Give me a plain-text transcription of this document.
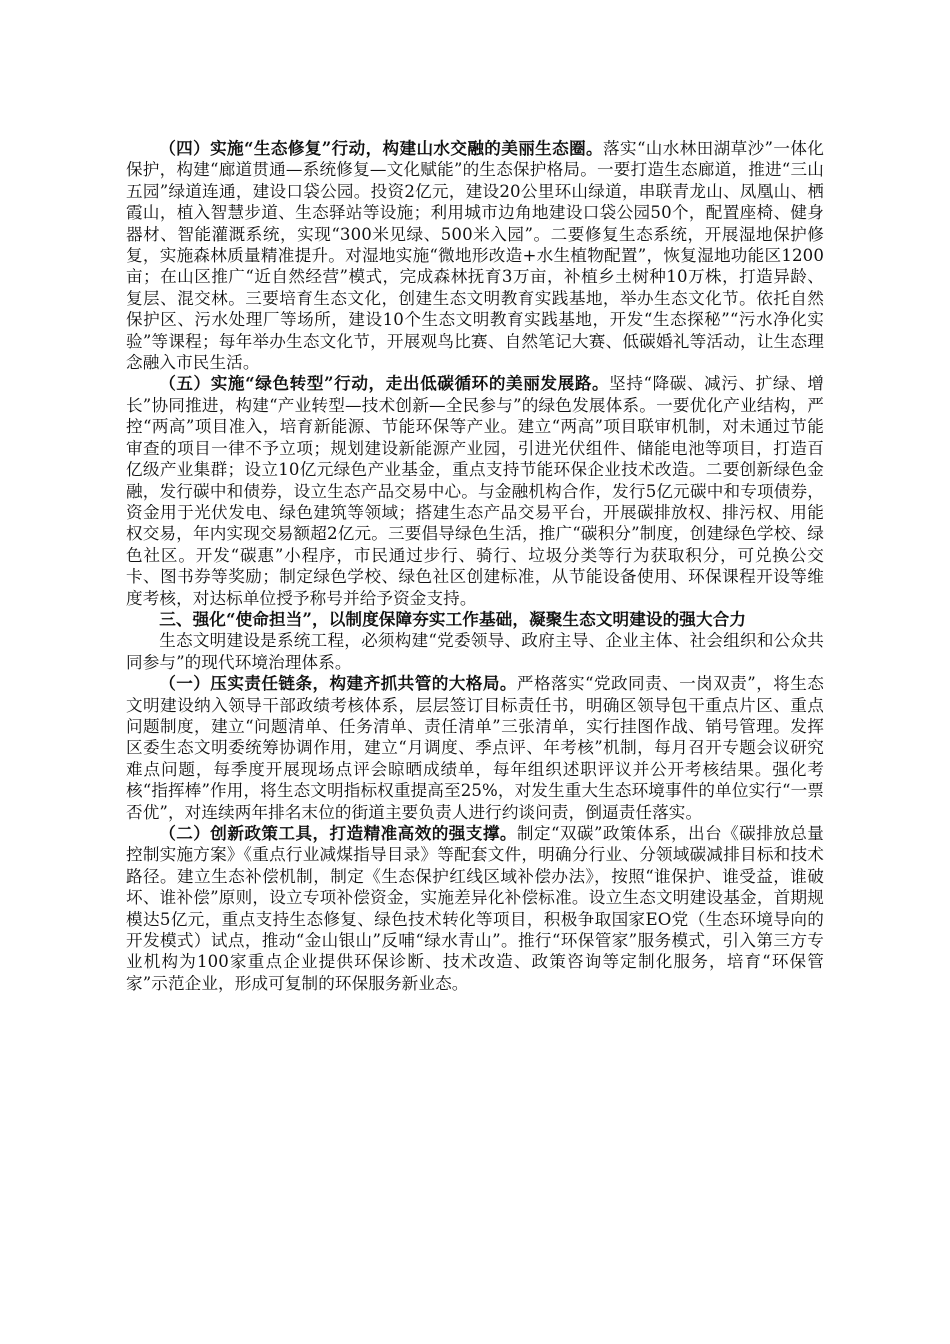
（四）实施“生态修复”行动，构建山水交融的美丽生态圈。落实“山水林田湖草沙”一体化保护，构建“廊道贯通—系统修复—文化赋能”的生态保护格局。一要打造生态廊道，推进“三山五园”绿道连通，建设口袋公园。投资2亿元，建设20公里环山绿道，串联青龙山、凤凰山、栖霞山，植入智慧步道、生态驿站等设施；利用城市边角地建设口袋公园50个，配置座椅、健身器材、智能灌溉系统，实现“300米见绿、500米入园”。二要修复生态系统，开展湿地保护修复，实施森林质量精准提升。对湿地实施“微地形改造+水生植物配置”，恢复湿地功能区1200亩；在山区推广“近自然经营”模式，完成森林抚育3万亩，补植乡土树种10万株，打造异龄、复层、混交林。三要培育生态文化，创建生态文明教育实践基地，举办生态文化节。依托自然保护区、污水处理厂等场所，建设10个生态文明教育实践基地，开发“生态探秘”“污水净化实验”等课程；每年举办生态文化节，开展观鸟比赛、自然笔记大赛、低碳婚礼等活动，让生态理念融入市民生活。

（五）实施“绿色转型”行动，走出低碳循环的美丽发展路。坚持“降碳、减污、扩绿、增长”协同推进，构建“产业转型—技术创新—全民参与”的绿色发展体系。一要优化产业结构，严控“两高”项目准入，培育新能源、节能环保等产业。建立“两高”项目联审机制，对未通过节能审查的项目一律不予立项；规划建设新能源产业园，引进光伏组件、储能电池等项目，打造百亿级产业集群；设立10亿元绿色产业基金，重点支持节能环保企业技术改造。二要创新绿色金融，发行碳中和债券，设立生态产品交易中心。与金融机构合作，发行5亿元碳中和专项债券，资金用于光伏发电、绿色建筑等领域；搭建生态产品交易平台，开展碳排放权、排污权、用能权交易，年内实现交易额超2亿元。三要倡导绿色生活，推广“碳积分”制度，创建绿色学校、绿色社区。开发“碳惠”小程序，市民通过步行、骑行、垃圾分类等行为获取积分，可兑换公交卡、图书券等奖励；制定绿色学校、绿色社区创建标准，从节能设备使用、环保课程开设等维度考核，对达标单位授予称号并给予资金支持。

三、强化“使命担当”，以制度保障夯实工作基础，凝聚生态文明建设的强大合力

生态文明建设是系统工程，必须构建“党委领导、政府主导、企业主体、社会组织和公众共同参与”的现代环境治理体系。

（一）压实责任链条，构建齐抓共管的大格局。严格落实“党政同责、一岗双责”，将生态文明建设纳入领导干部政绩考核体系，层层签订目标责任书，明确区领导包干重点片区、重点问题制度，建立“问题清单、任务清单、责任清单”三张清单，实行挂图作战、销号管理。发挥区委生态文明委统筹协调作用，建立“月调度、季点评、年考核”机制，每月召开专题会议研究难点问题，每季度开展现场点评会晾晒成绩单，每年组织述职评议并公开考核结果。强化考核“指挥棒”作用，将生态文明指标权重提高至25%，对发生重大生态环境事件的单位实行“一票否优”，对连续两年排名末位的街道主要负责人进行约谈问责，倒逼责任落实。

（二）创新政策工具，打造精准高效的强支撑。制定“双碳”政策体系，出台《碳排放总量控制实施方案》《重点行业减煤指导目录》等配套文件，明确分行业、分领域碳减排目标和技术路径。建立生态补偿机制，制定《生态保护红线区域补偿办法》，按照“谁保护、谁受益，谁破坏、谁补偿”原则，设立专项补偿资金，实施差异化补偿标准。设立生态文明建设基金，首期规模达5亿元，重点支持生态修复、绿色技术转化等项目，积极争取国家EO党（生态环境导向的开发模式）试点，推动“金山银山”反哺“绿水青山”。推行“环保管家”服务模式，引入第三方专业机构为100家重点企业提供环保诊断、技术改造、政策咨询等定制化服务，培育“环保管家”示范企业，形成可复制的环保服务新业态。
